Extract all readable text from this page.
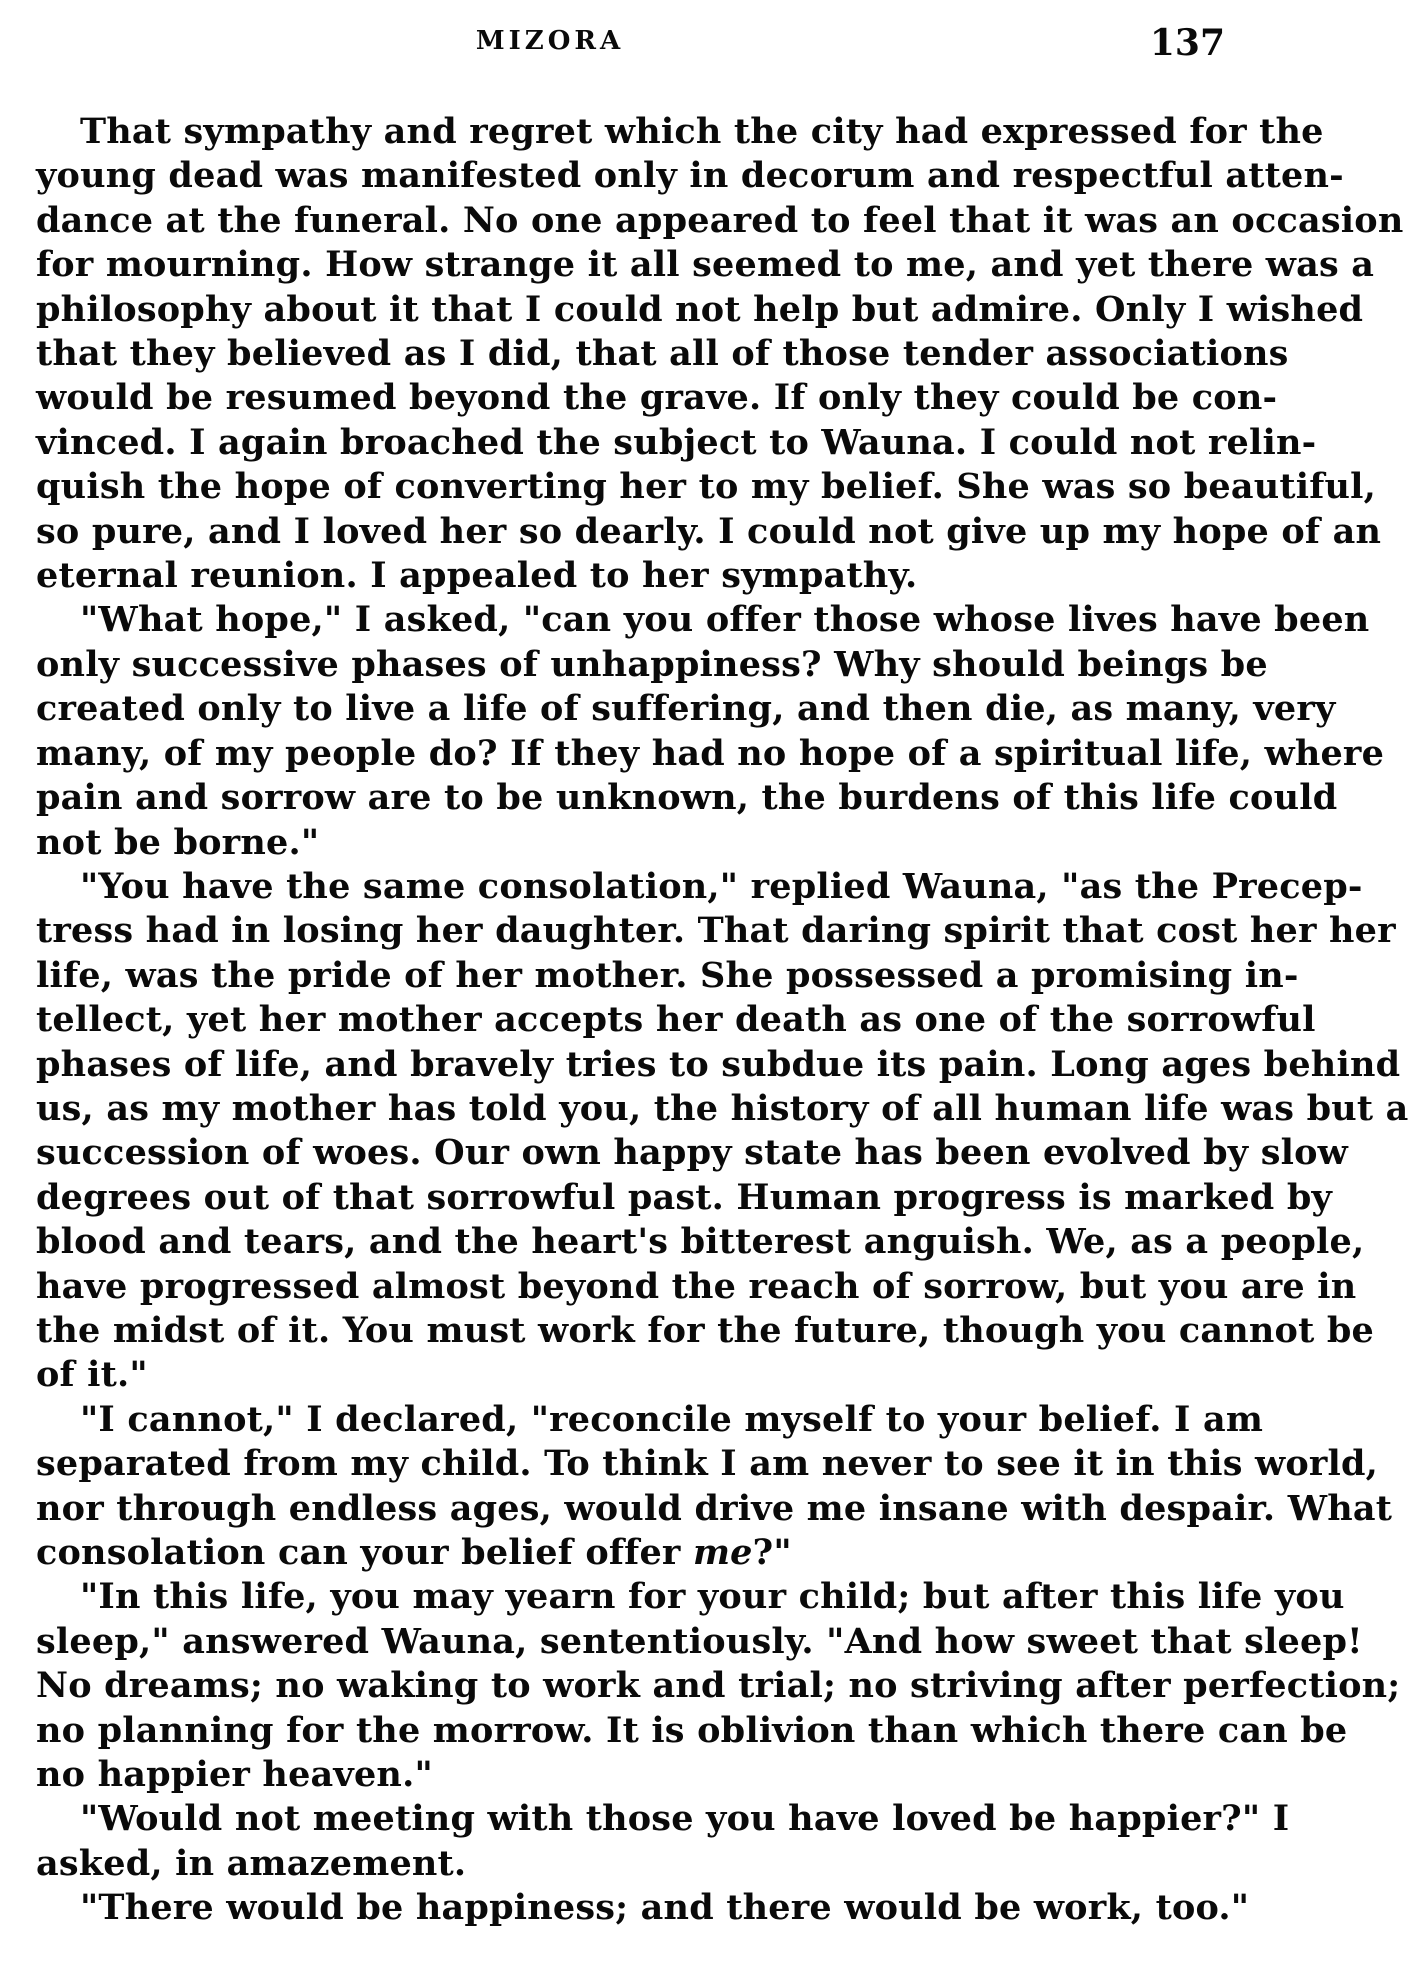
MIZORA	137

That sympathy and regret which the city had expressed for the
young dead was manifested only in decorum and respectful atten-
dance at the funeral. No one appeared to feel that it was an occasion
for mourning. How strange it all seemed to me, and yet there was a
philosophy about it that I could not help but admire. Only I wished
that they believed as I did, that all of those tender associations
would be resumed beyond the grave. If only they could be con-
vinced. I again broached the subject to Wauna. I could not relin-
quish the hope of converting her to my belief. She was so beautiful,
so pure, and I loved her so dearly. I could not give up my hope of an
eternal reunion. I appealed to her sympathy.

"What hope," I asked, "can you offer those whose lives have been
only successive phases of unhappiness? Why should beings be
created only to live a life of suffering, and then die, as many, very
many, of my people do? If they had no hope of a spiritual life, where
pain and sorrow are to be unknown, the burdens of this life could
not be borne."

"You have the same consolation," replied Wauna, "as the Precep-
tress had in losing her daughter. That daring spirit that cost her her
life, was the pride of her mother. She possessed a promising in-
tellect, yet her mother accepts her death as one of the sorrowful
phases of life, and bravely tries to subdue its pain. Long ages behind
us, as my mother has told you, the history of all human life was but a
succession of woes. Our own happy state has been evolved by slow
degrees out of that sorrowful past. Human progress is marked by
blood and tears, and the heart's bitterest anguish. We, as a people,
have progressed almost beyond the reach of sorrow, but you are in
the midst of it. You must work for the future, though you cannot be
of it."

"I cannot," I declared, "reconcile myself to your belief. I am
separated from my child. To think I am never to see it in this world,
nor through endless ages, would drive me insane with despair. What
consolation can your belief offer me?"

"In this life, you may yearn for your child; but after this life you
sleep," answered Wauna, sententiously. "And how sweet that sleep!
No dreams; no waking to work and trial; no striving after perfection;
no planning for the morrow. It is oblivion than which there can be
no happier heaven."

"Would not meeting with those you have loved be happier?" I
asked, in amazement.

"There would be happiness; and there would be work, too."
